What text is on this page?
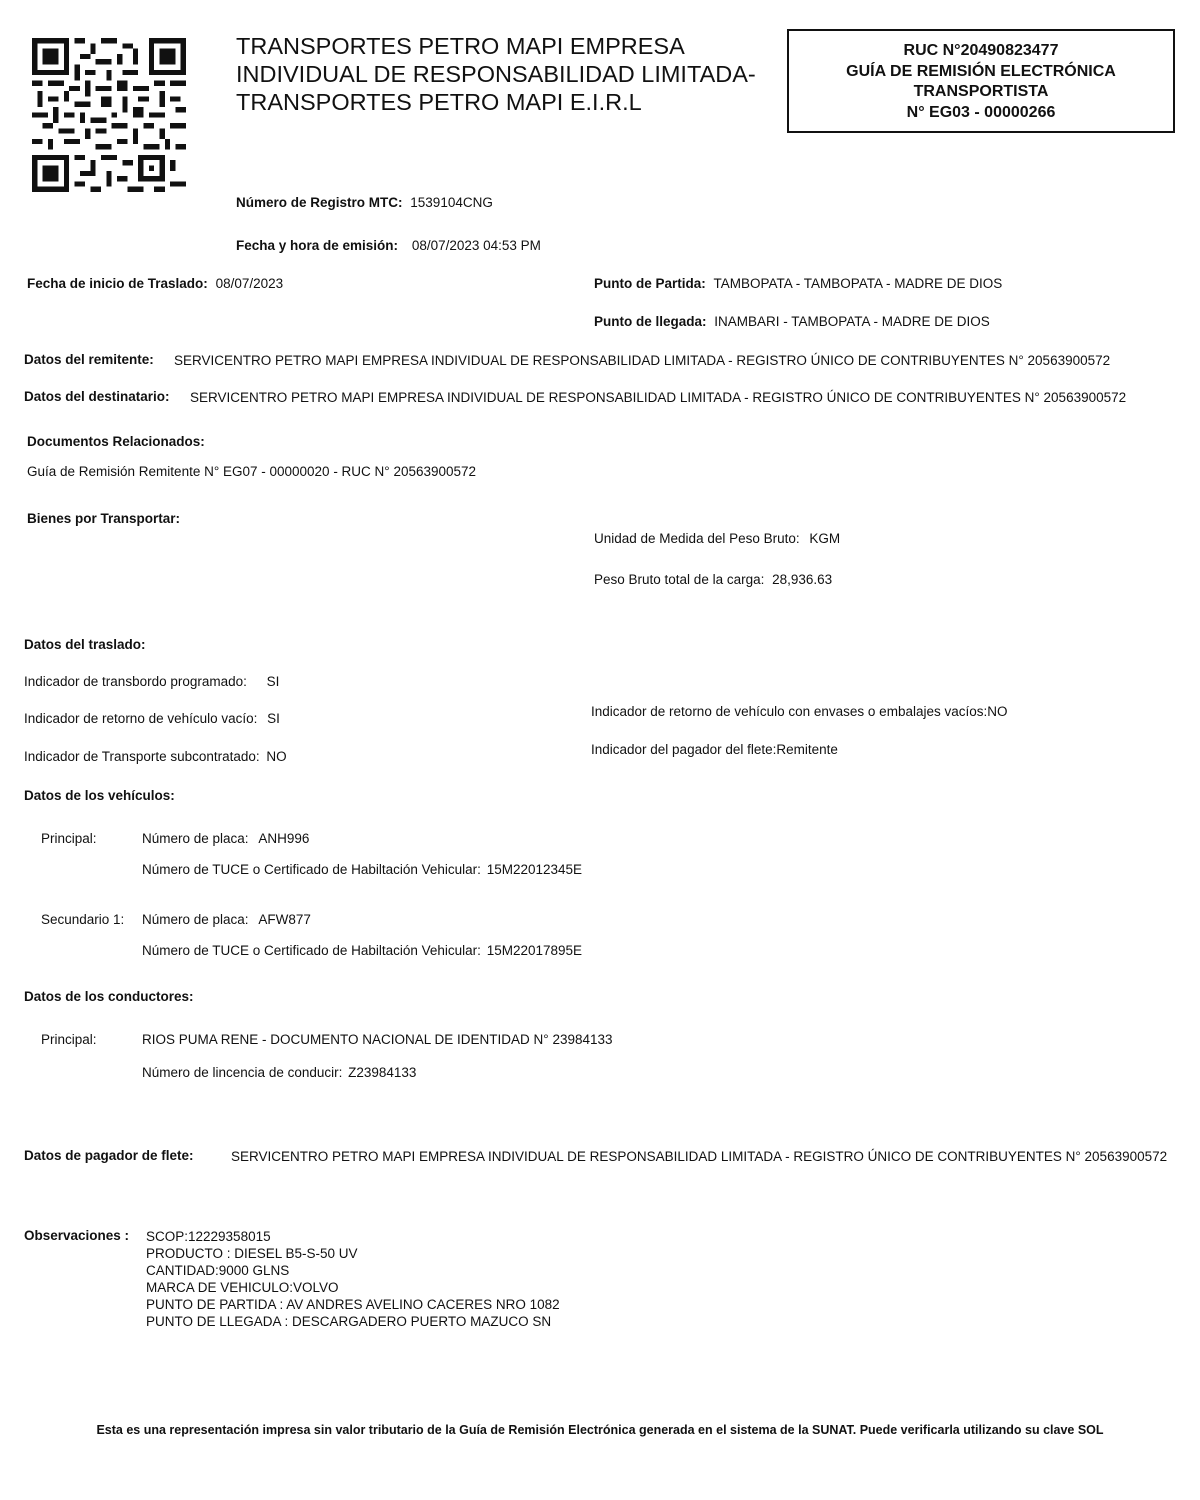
TRANSPORTES PETRO MAPI EMPRESA INDIVIDUAL DE RESPONSABILIDAD LIMITADA-TRANSPORTES PETRO MAPI E.I.R.L
RUC N°20490823477
GUÍA DE REMISIÓN ELECTRÓNICA
TRANSPORTISTA
N° EG03 - 00000266
Número de Registro MTC: 1539104CNG
Fecha y hora de emisión: 08/07/2023 04:53 PM
Fecha de inicio de Traslado: 08/07/2023	Punto de Partida: TAMBOPATA - TAMBOPATA - MADRE DE DIOS
Punto de llegada: INAMBARI - TAMBOPATA - MADRE DE DIOS
Datos del remitente: SERVICENTRO PETRO MAPI EMPRESA INDIVIDUAL DE RESPONSABILIDAD LIMITADA - REGISTRO ÚNICO DE CONTRIBUYENTES N° 20563900572
Datos del destinatario: SERVICENTRO PETRO MAPI EMPRESA INDIVIDUAL DE RESPONSABILIDAD LIMITADA - REGISTRO ÚNICO DE CONTRIBUYENTES N° 20563900572
Documentos Relacionados:
Guía de Remisión Remitente N° EG07 - 00000020 - RUC N° 20563900572
Bienes por Transportar:
Unidad de Medida del Peso Bruto: KGM
Peso Bruto total de la carga: 28,936.63
Datos del traslado:
Indicador de transbordo programado: SI
Indicador de retorno de vehículo vacío: SI
Indicador de Transporte subcontratado: NO
Indicador de retorno de vehículo con envases o embalajes vacíos:NO
Indicador del pagador del flete:Remitente
Datos de los vehículos:
Principal:	Número de placa: ANH996
Número de TUCE o Certificado de Habiltación Vehicular: 15M22012345E
Secundario 1: Número de placa: AFW877
Número de TUCE o Certificado de Habiltación Vehicular: 15M22017895E
Datos de los conductores:
Principal:	RIOS PUMA RENE - DOCUMENTO NACIONAL DE IDENTIDAD N° 23984133
Número de lincencia de conducir: Z23984133
Datos de pagador de flete:	SERVICENTRO PETRO MAPI EMPRESA INDIVIDUAL DE RESPONSABILIDAD LIMITADA - REGISTRO ÚNICO DE CONTRIBUYENTES N° 20563900572
Observaciones : SCOP:12229358015
PRODUCTO : DIESEL B5-S-50 UV
CANTIDAD:9000 GLNS
MARCA DE VEHICULO:VOLVO
PUNTO DE PARTIDA : AV ANDRES AVELINO CACERES NRO 1082
PUNTO DE LLEGADA : DESCARGADERO PUERTO MAZUCO SN
Esta es una representación impresa sin valor tributario de la Guía de Remisión Electrónica generada en el sistema de la SUNAT. Puede verificarla utilizando su clave SOL
